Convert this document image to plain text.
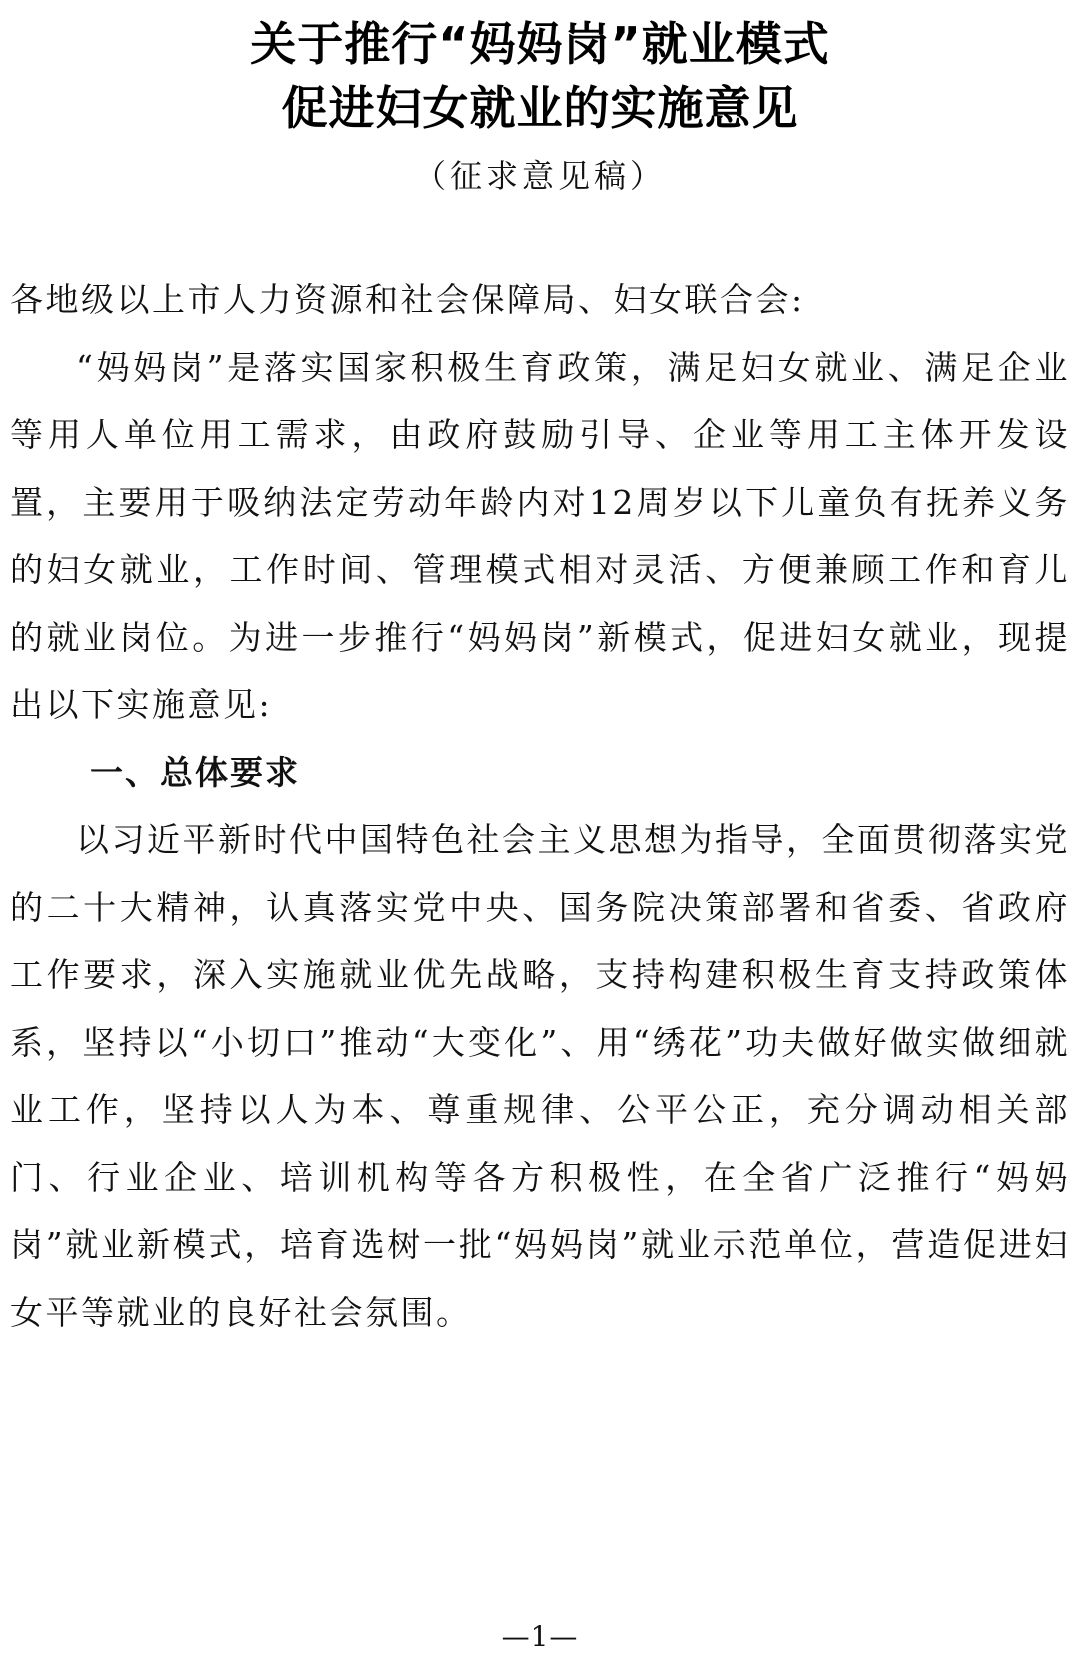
关于推行“妈妈岗”就业模式
促进妇女就业的实施意见
（征求意见稿）

各地级以上市人力资源和社会保障局、妇女联合会:

“妈妈岗”是落实国家积极生育政策，满足妇女就业、满足企业等用人单位用工需求，由政府鼓励引导、企业等用工主体开发设置，主要用于吸纳法定劳动年龄内对12周岁以下儿童负有抚养义务的妇女就业，工作时间、管理模式相对灵活、方便兼顾工作和育儿的就业岗位。为进一步推行“妈妈岗”新模式，促进妇女就业，现提出以下实施意见:

一、总体要求

以习近平新时代中国特色社会主义思想为指导，全面贯彻落实党的二十大精神，认真落实党中央、国务院决策部署和省委、省政府工作要求，深入实施就业优先战略，支持构建积极生育支持政策体系，坚持以“小切口”推动“大变化”、用“绣花”功夫做好做实做细就业工作，坚持以人为本、尊重规律、公平公正，充分调动相关部门、行业企业、培训机构等各方积极性，在全省广泛推行“妈妈岗”就业新模式，培育选树一批“妈妈岗”就业示范单位，营造促进妇女平等就业的良好社会氛围。

—1—
